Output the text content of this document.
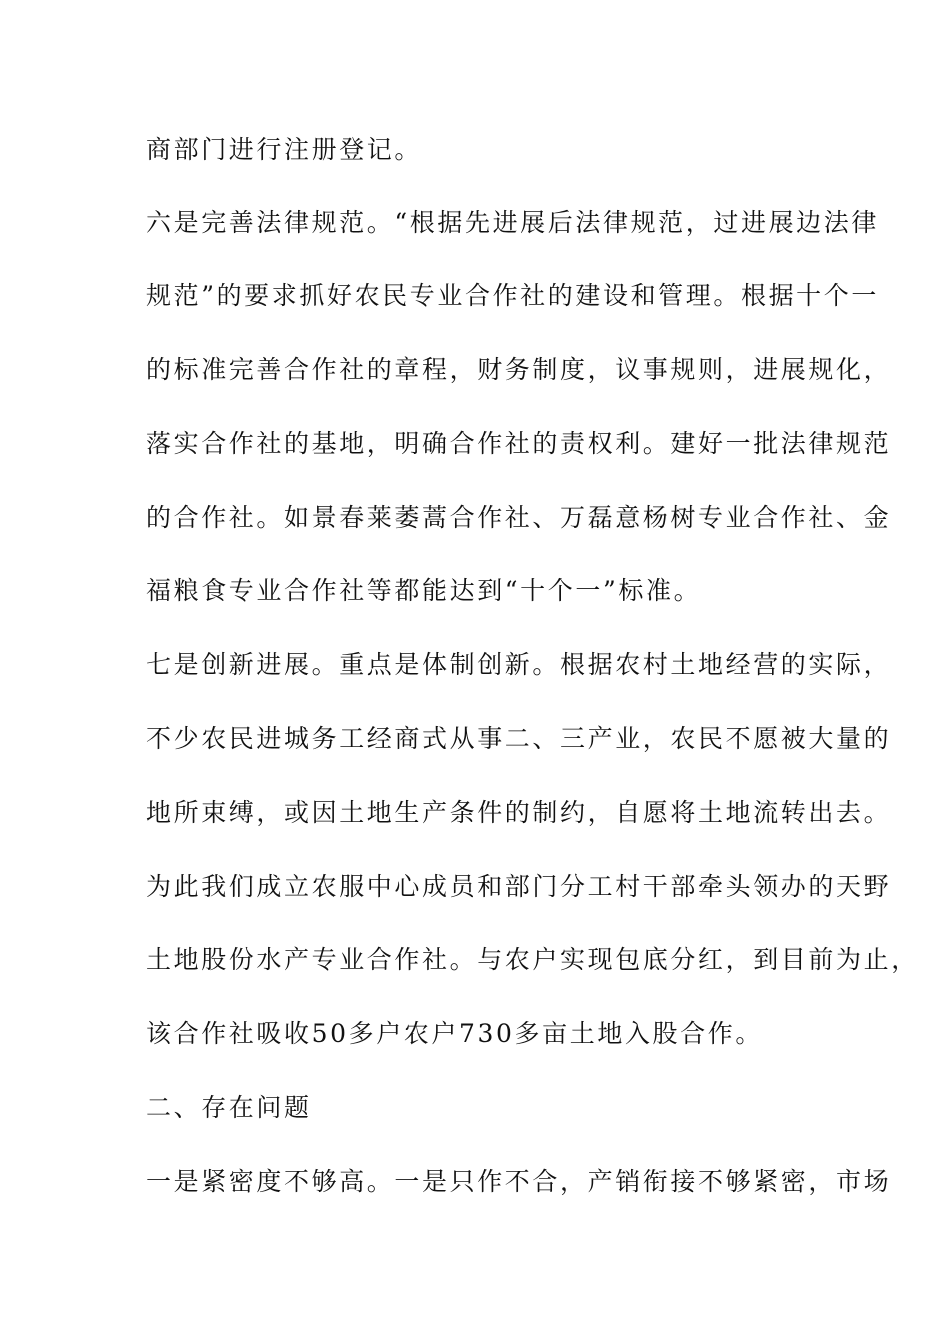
商部门进行注册登记。
六是完善法律规范。“根据先进展后法律规范，过进展边法律
规范”的要求抓好农民专业合作社的建设和管理。根据十个一
的标准完善合作社的章程，财务制度，议事规则，进展规化，
落实合作社的基地，明确合作社的责权利。建好一批法律规范
的合作社。如景春莱萎蒿合作社、万磊意杨树专业合作社、金
福粮食专业合作社等都能达到“十个一”标准。
七是创新进展。重点是体制创新。根据农村土地经营的实际，
不少农民进城务工经商式从事二、三产业，农民不愿被大量的
地所束缚，或因土地生产条件的制约，自愿将土地流转出去。
为此我们成立农服中心成员和部门分工村干部牵头领办的天野
土地股份水产专业合作社。与农户实现包底分红，到目前为止，
该合作社吸收50多户农户730多亩土地入股合作。
二、存在问题
一是紧密度不够高。一是只作不合，产销衔接不够紧密，市场
